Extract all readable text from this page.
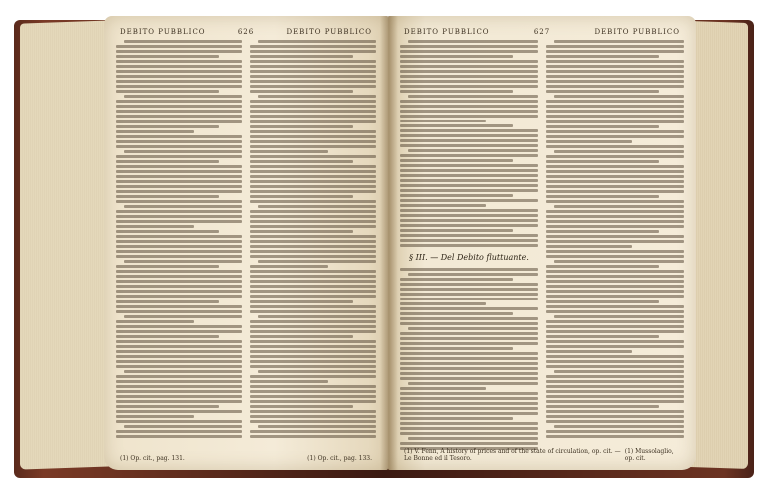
DEBITO PUBBLICO	626	DEBITO PUBBLICO
(1) Op. cit., pag. 131.	(1) Op. cit., pag. 133.
DEBITO PUBBLICO	627	DEBITO PUBBLICO
§ III. — Del Debito fluttuante.
(1) V. Fenn, A history of prices and of the state of circulation, op. cit. — Le Bonne ed il Tesoro.
(1) Mussolaglio, op. cit.
